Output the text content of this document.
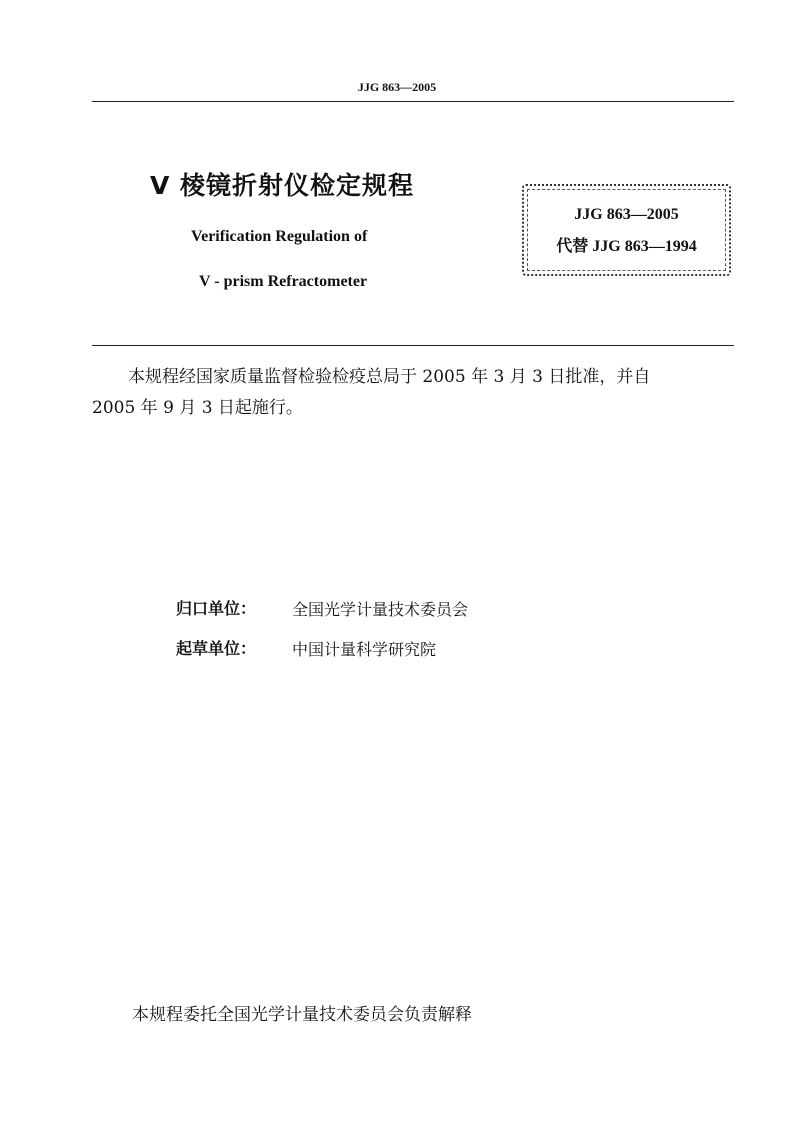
JJG 863—2005
V 棱镜折射仪检定规程
Verification Regulation of
V - prism Refractometer
JJG 863—2005
代替 JJG 863—1994
本规程经国家质量监督检验检疫总局于 2005 年 3 月 3 日批准，并自
2005 年 9 月 3 日起施行。
归口单位： 全国光学计量技术委员会
起草单位： 中国计量科学研究院
本规程委托全国光学计量技术委员会负责解释
